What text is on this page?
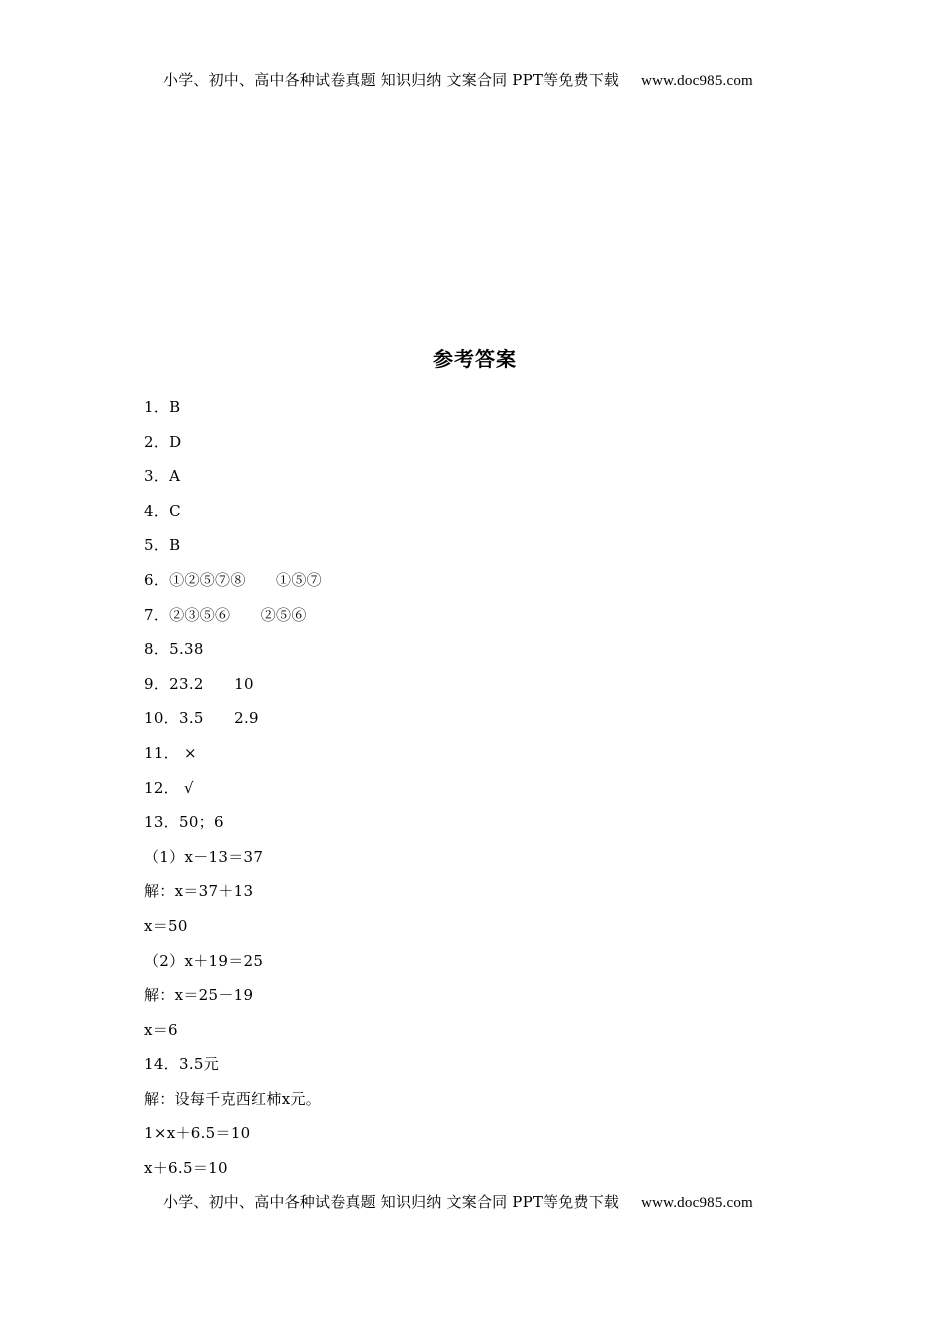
小学、初中、高中各种试卷真题 知识归纳 文案合同 PPT等免费下载 www.doc985.com
参考答案
1．B
2．D
3．A
4．C
5．B
6．①②⑤⑦⑧      ①⑤⑦
7．②③⑤⑥      ②⑤⑥
8．5.38
9．23.2      10
10．3.5      2.9
11． ×
12． √
13．50；6
（1）x－13＝37
解：x＝37＋13
x＝50
（2）x＋19＝25
解：x＝25－19
x＝6
14．3.5元
解：设每千克西红柿x元。
1×x＋6.5＝10
x＋6.5＝10
小学、初中、高中各种试卷真题 知识归纳 文案合同 PPT等免费下载 www.doc985.com
